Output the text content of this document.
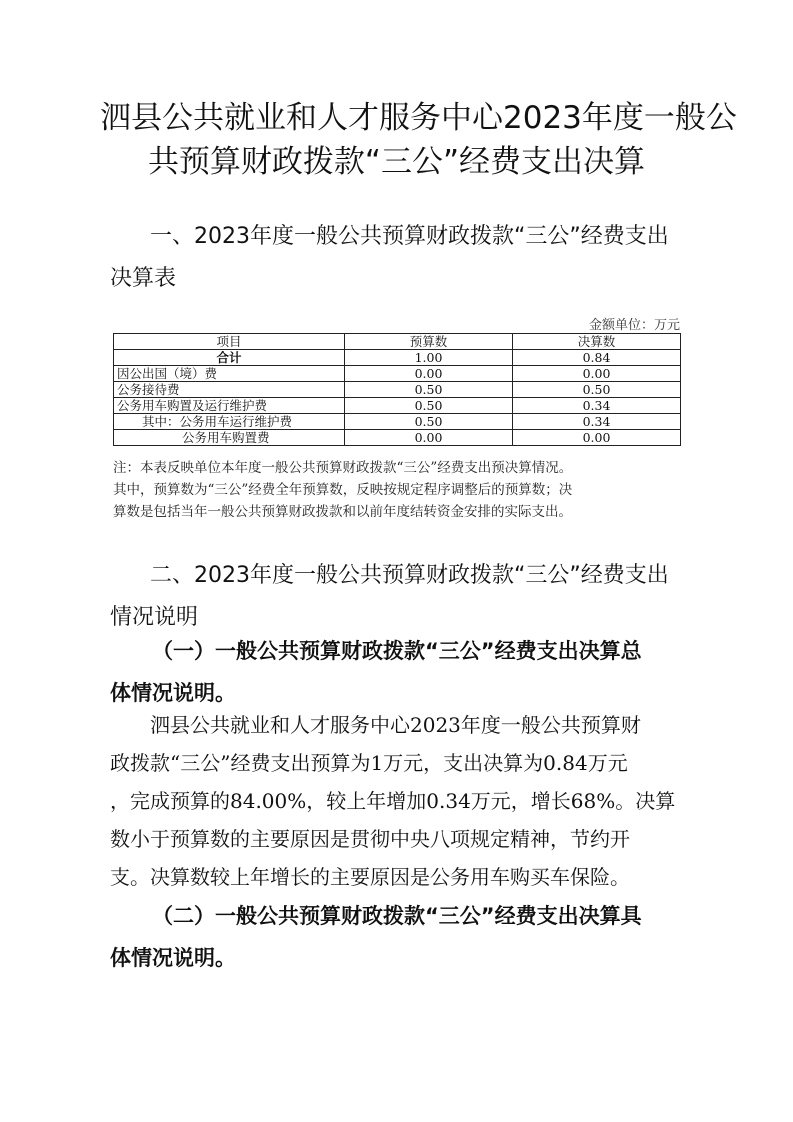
泗县公共就业和人才服务中心2023年度一般公
共预算财政拨款“三公”经费支出决算
一、2023年度一般公共预算财政拨款“三公”经费支出
决算表
金额单位：万元
项目	预算数	决算数
合计	1.00	0.84
因公出国（境）费	0.00	0.00
公务接待费	0.50	0.50
公务用车购置及运行维护费	0.50	0.34
其中：公务用车运行维护费	0.50	0.34
公务用车购置费	0.00	0.00
注：本表反映单位本年度一般公共预算财政拨款“三公”经费支出预决算情况。
其中，预算数为“三公”经费全年预算数，反映按规定程序调整后的预算数；决
算数是包括当年一般公共预算财政拨款和以前年度结转资金安排的实际支出。
二、2023年度一般公共预算财政拨款“三公”经费支出
情况说明
（一）一般公共预算财政拨款“三公”经费支出决算总
体情况说明。
泗县公共就业和人才服务中心2023年度一般公共预算财
政拨款“三公”经费支出预算为1万元，支出决算为0.84万元
，完成预算的84.00%，较上年增加0.34万元，增长68%。决算
数小于预算数的主要原因是贯彻中央八项规定精神，节约开
支。决算数较上年增长的主要原因是公务用车购买车保险。
（二）一般公共预算财政拨款“三公”经费支出决算具
体情况说明。
